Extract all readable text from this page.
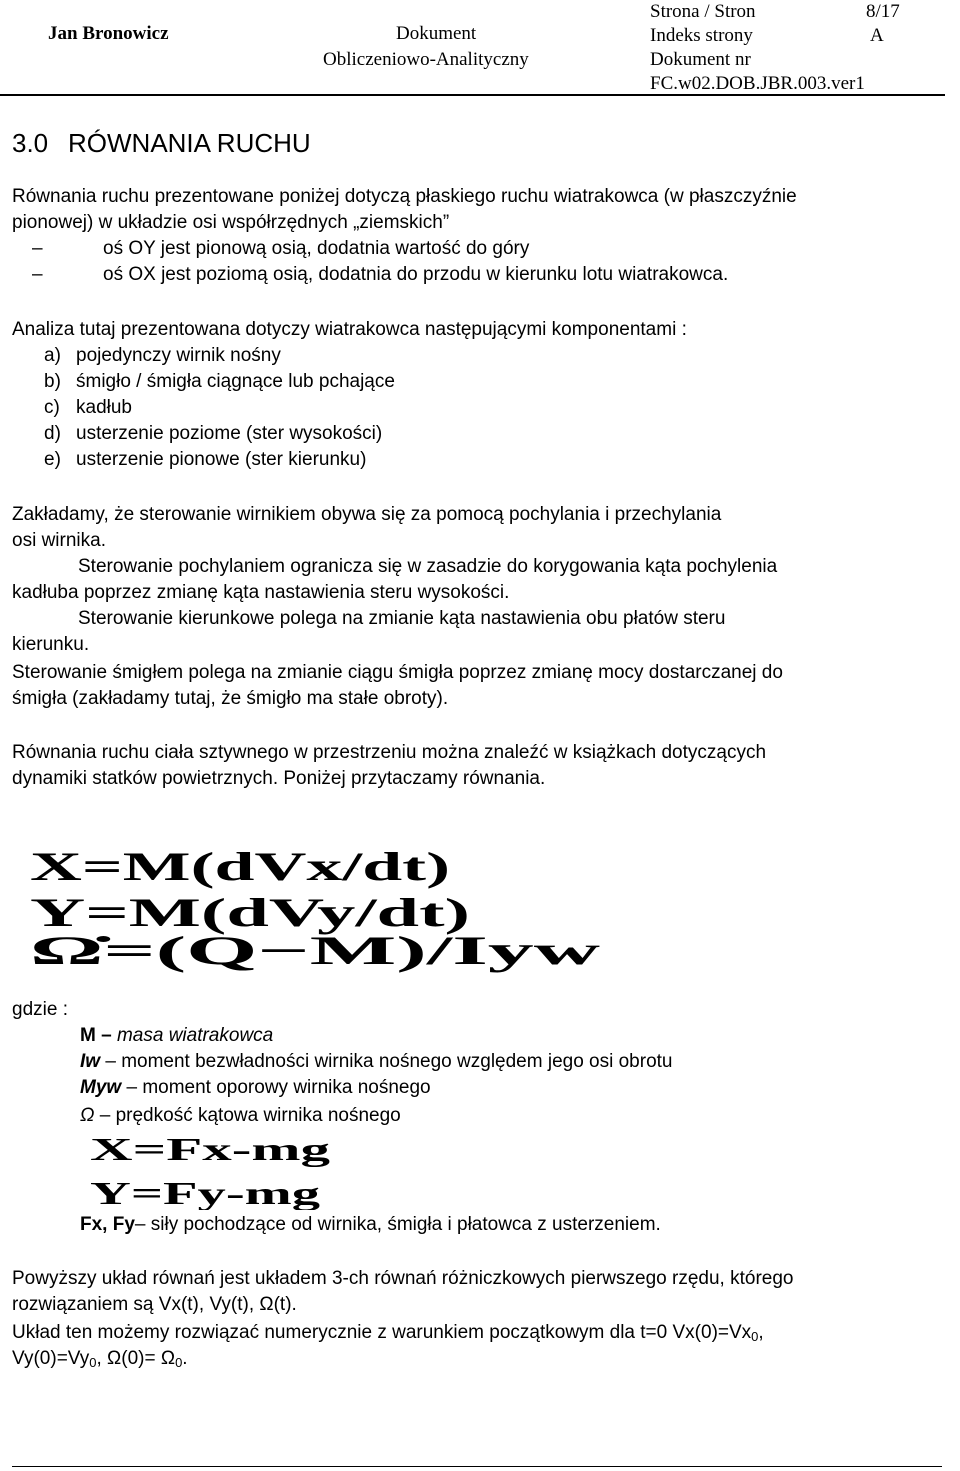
Jan Bronowicz	Dokument
Obliczeniowo-Analityczny
Strona / Stron	8/17
Indeks strony	A
Dokument nr
FC.w02.DOB.JBR.003.ver1
3.0 RÓWNANIA RUCHU
Równania ruchu prezentowane poniżej dotyczą płaskiego ruchu wiatrakowca (w płaszczyźnie
pionowej) w układzie osi współrzędnych „ziemskich”
–	oś OY jest pionową osią, dodatnia wartość do góry
–	oś OX jest poziomą osią, dodatnia do przodu w kierunku lotu wiatrakowca.
Analiza tutaj prezentowana dotyczy wiatrakowca następującymi komponentami :
a) pojedynczy wirnik nośny
b) śmigło / śmigła ciągnące lub pchające
c) kadłub
d) usterzenie poziome (ster wysokości)
e) usterzenie pionowe (ster kierunku)
Zakładamy, że sterowanie wirnikiem obywa się za pomocą pochylania i przechylania
osi wirnika.
Sterowanie pochylaniem ogranicza się w zasadzie do korygowania kąta pochylenia
kadłuba poprzez zmianę kąta nastawienia steru wysokości.
Sterowanie kierunkowe polega na zmianie kąta nastawienia obu płatów steru
kierunku.
Sterowanie śmigłem polega na zmianie ciągu śmigła poprzez zmianę mocy dostarczanej do
śmigła (zakładamy tutaj, że śmigło ma stałe obroty).
Równania ruchu ciała sztywnego w przestrzeniu można znaleźć w książkach dotyczących
dynamiki statków powietrznych. Poniżej przytaczamy równania.
X=M(dVx/dt)
Y=M(dVy/dt)
Ω̇=(Q−M)/Iyw
gdzie :
M – masa wiatrakowca
Iw – moment bezwładności wirnika nośnego względem jego osi obrotu
Myw – moment oporowy wirnika nośnego
Ω – prędkość kątowa wirnika nośnego
X=Fx-mg
Y=Fy-mg
Fx, Fy– siły pochodzące od wirnika, śmigła i płatowca z usterzeniem.
Powyższy układ równań jest układem 3-ch równań różniczkowych pierwszego rzędu, którego
rozwiązaniem są Vx(t), Vy(t), Ω(t).
Układ ten możemy rozwiązać numerycznie z warunkiem początkowym dla t=0 $Vx(0)=Vx_0$,
$Vy(0)=Vy_0$, $\Omega(0)= \Omega_0$.
